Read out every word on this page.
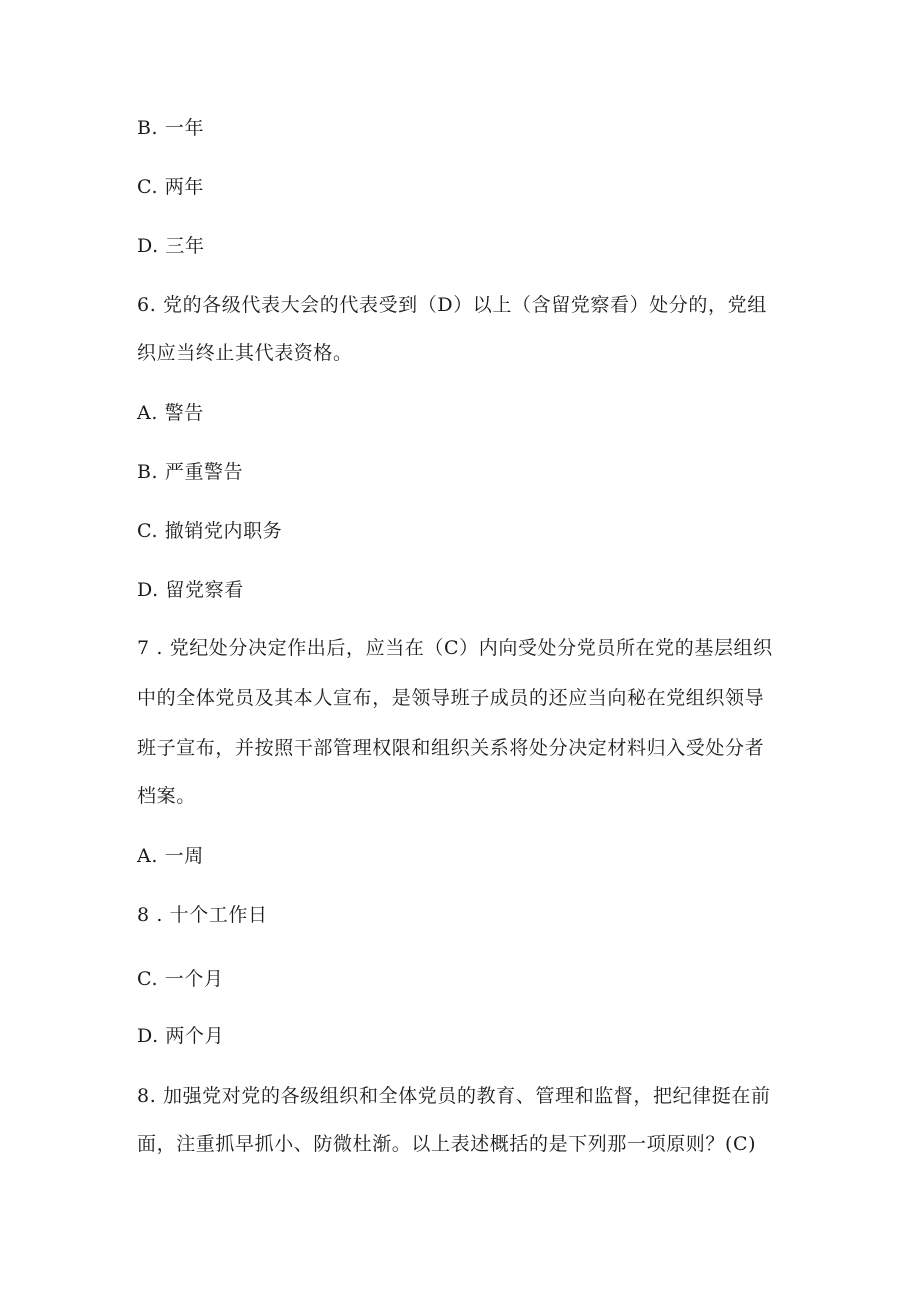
B. 一年
C. 两年
D. 三年
6. 党的各级代表大会的代表受到（D）以上（含留党察看）处分的，党组
织应当终止其代表资格。
A. 警告
B. 严重警告
C. 撤销党内职务
D. 留党察看
7 . 党纪处分决定作出后，应当在（C）内向受处分党员所在党的基层组织
中的全体党员及其本人宣布，是领导班子成员的还应当向秘在党组织领导
班子宣布，并按照干部管理权限和组织关系将处分决定材料归入受处分者
档案。
A. 一周
8 . 十个工作日
C. 一个月
D. 两个月
8. 加强党对党的各级组织和全体党员的教育、管理和监督，把纪律挺在前
面，注重抓早抓小、防微杜渐。以上表述概括的是下列那一项原则？(C)
